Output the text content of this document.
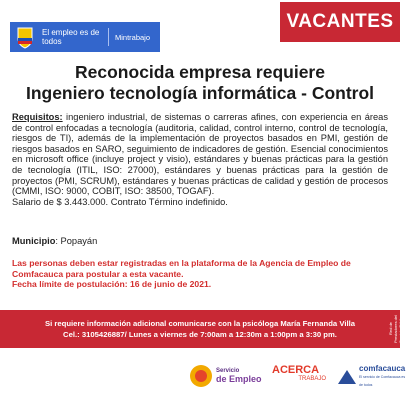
El empleo es de todos	Mintrabajo
VACANTES
Reconocida empresa requiere
Ingeniero tecnología informática - Control
Requisitos: ingeniero industrial, de sistemas o carreras afines, con experiencia en áreas de control enfocadas a tecnología (auditoria, calidad, control interno, control de tecnología, riesgos de TI), además de la implementación de proyectos basados en PMI, gestión de riesgos basados en SARO, seguimiento de indicadores de gestión. Esencial conocimientos en microsoft office (incluye project y visio), estándares y buenas prácticas para la gestión de tecnología (ITIL, ISO: 27000), estándares y buenas prácticas para la gestión de proyectos (PMI, SCRUM), estándares y buenas prácticas de calidad y gestión de procesos (CMMI, ISO: 9000, COBIT, ISO: 38500, TOGAF).
Salario de $ 3.443.000. Contrato Término indefinido.
Municipio: Popayán
Las personas deben estar registradas en la plataforma de la Agencia de Empleo de
Comfacauca para postular a esta vacante.
Fecha límite de postulación: 16 de junio de 2021.
Si requiere información adicional comunicarse con la psicóloga María Fernanda Villa
Cel.: 3105426887/ Lunes a viernes de 7:00am a 12:30m a 1:00pm a 3:30 pm.	Red de Prestadores del Servicio Público de Empleo
Servicio
de Empleo
ACERCA
TRABAJO
comfacauca
El servicio de Comfacauca es de todos
